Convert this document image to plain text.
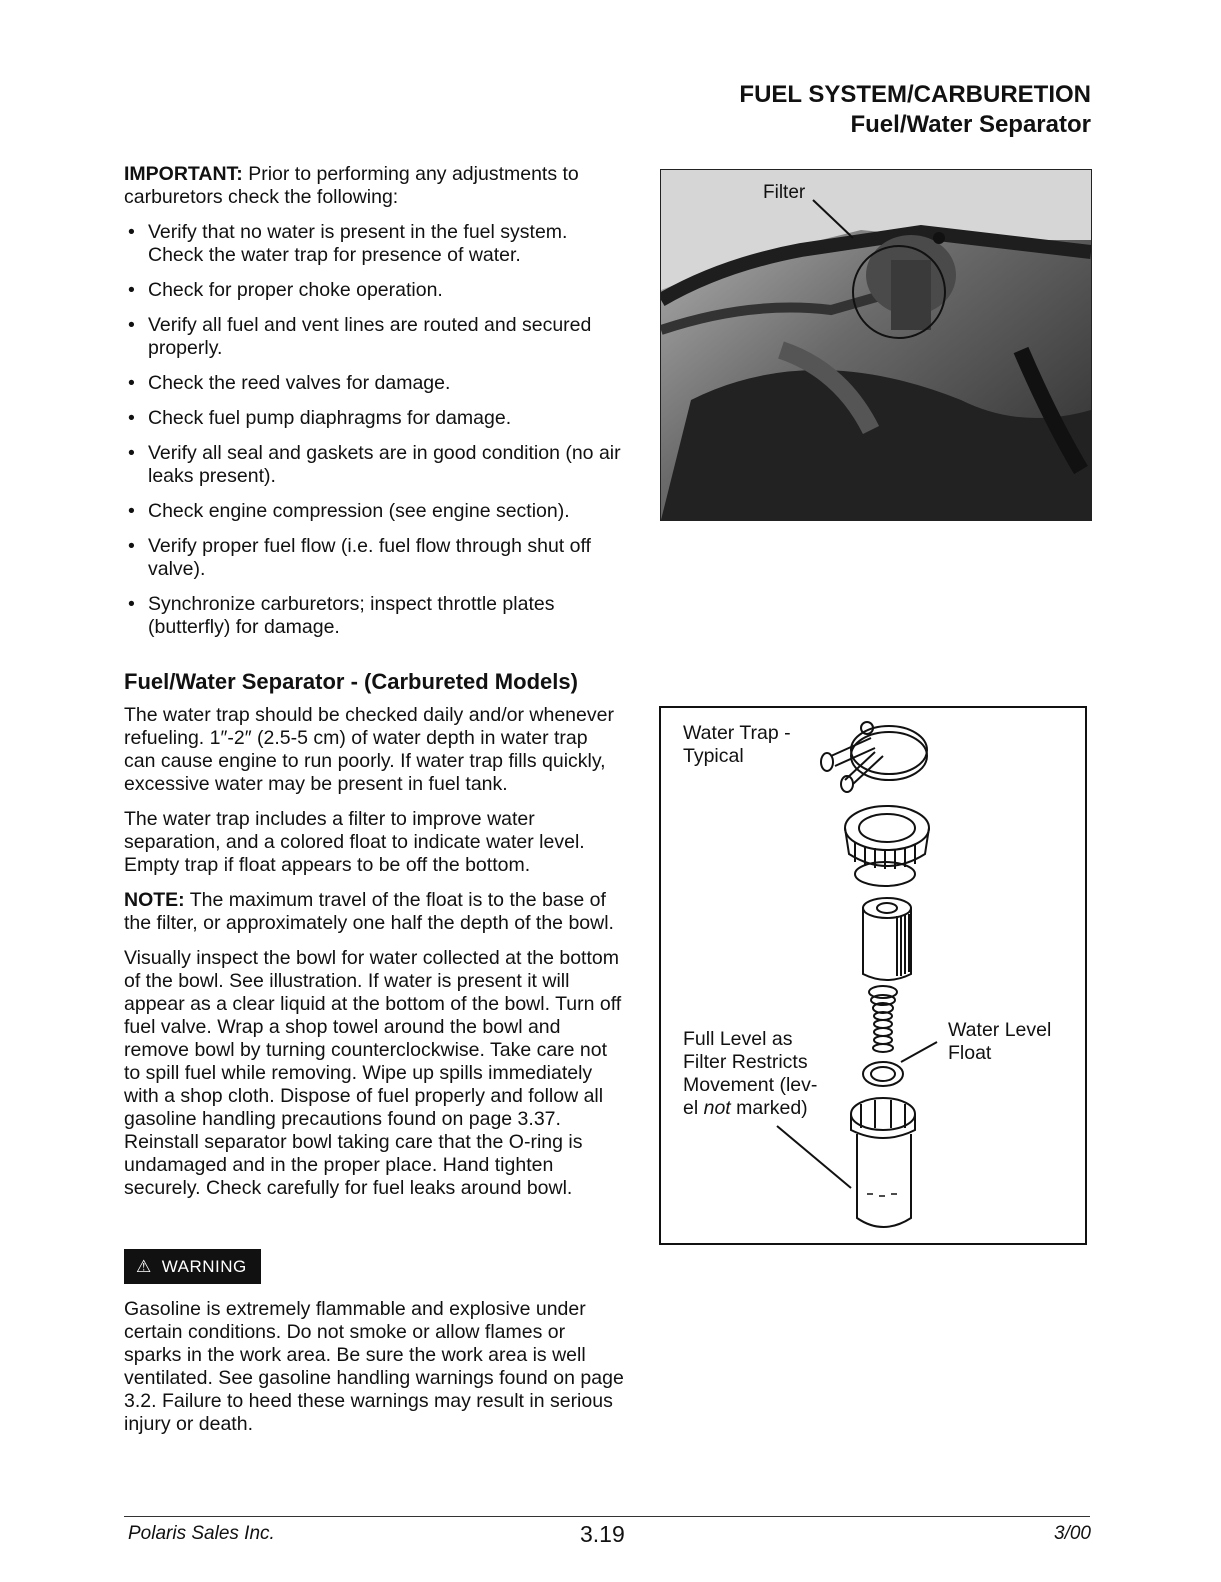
FUEL SYSTEM/CARBURETION
Fuel/Water Separator

IMPORTANT: Prior to performing any adjustments to carburetors check the following:

• Verify that no water is present in the fuel system. Check the water trap for presence of water.
• Check for proper choke operation.
• Verify all fuel and vent lines are routed and secured properly.
• Check the reed valves for damage.
• Check fuel pump diaphragms for damage.
• Verify all seal and gaskets are in good condition (no air leaks present).
• Check engine compression (see engine section).
• Verify proper fuel flow (i.e. fuel flow through shut off valve).
• Synchronize carburetors; inspect throttle plates (butterfly) for damage.
Fuel/Water Separator - (Carbureted Models)

The water trap should be checked daily and/or whenever refueling. 1″-2″ (2.5-5 cm) of water depth in water trap can cause engine to run poorly. If water trap fills quickly, excessive water may be present in fuel tank.

The water trap includes a filter to improve water separation, and a colored float to indicate water level. Empty trap if float appears to be off the bottom.

NOTE: The maximum travel of the float is to the base of the filter, or approximately one half the depth of the bowl.

Visually inspect the bowl for water collected at the bottom of the bowl. See illustration. If water is present it will appear as a clear liquid at the bottom of the bowl. Turn off fuel valve. Wrap a shop towel around the bowl and remove bowl by turning counterclockwise. Take care not to spill fuel while removing. Wipe up spills immediately with a shop cloth. Dispose of fuel properly and follow all gasoline handling precautions found on page 3.37. Reinstall separator bowl taking care that the O-ring is undamaged and in the proper place. Hand tighten securely. Check carefully for fuel leaks around bowl.

⚠ WARNING

Gasoline is extremely flammable and explosive under certain conditions. Do not smoke or allow flames or sparks in the work area. Be sure the work area is well ventilated. See gasoline handling warnings found on page 3.2. Failure to heed these warnings may result in serious injury or death.

Filter
Water Trap -
Typical
Full Level as
Filter Restricts
Movement (lev-
el not marked)
Water Level
Float
Polaris Sales Inc.	3.19	3/00
